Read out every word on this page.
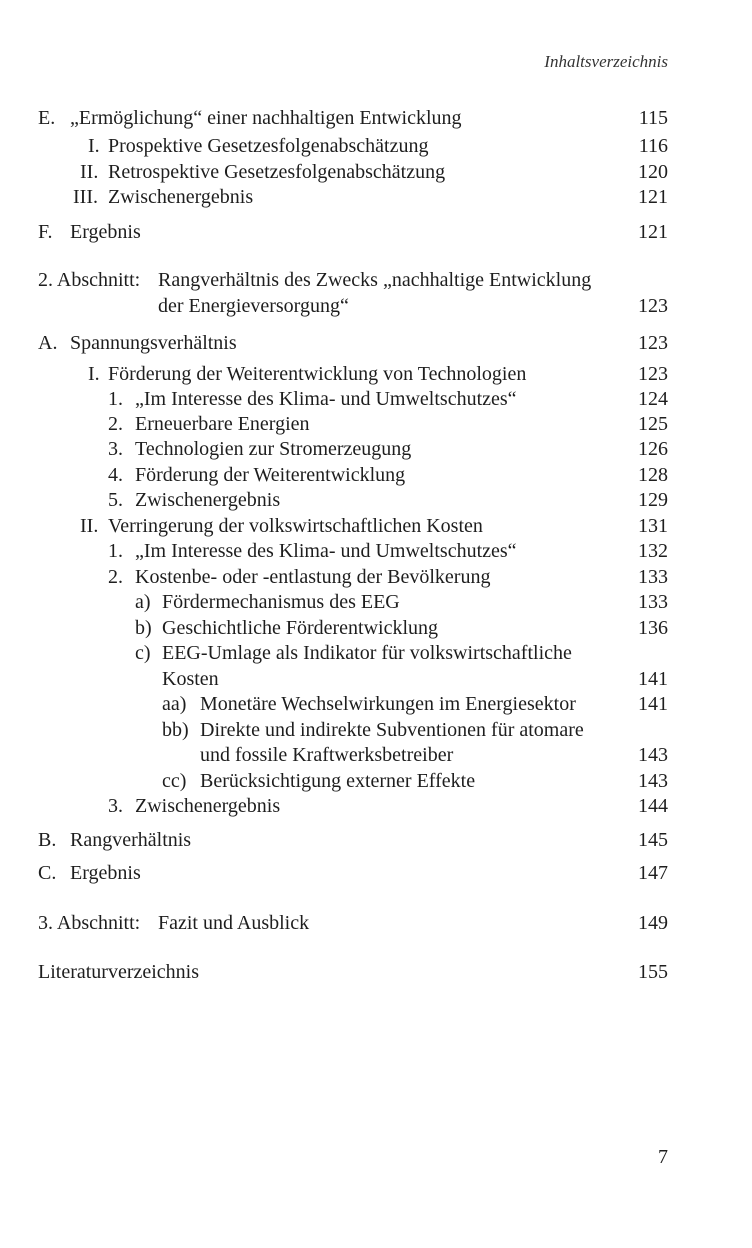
Inhaltsverzeichnis
E. „Ermöglichung“ einer nachhaltigen Entwicklung	115
I. Prospektive Gesetzesfolgenabschätzung	116
II. Retrospektive Gesetzesfolgenabschätzung	120
III. Zwischenergebnis	121
F. Ergebnis	121
2. Abschnitt: Rangverhältnis des Zwecks „nachhaltige Entwicklung
der Energieversorgung“	123
A. Spannungsverhältnis	123
I. Förderung der Weiterentwicklung von Technologien	123
1. „Im Interesse des Klima- und Umweltschutzes“	124
2. Erneuerbare Energien	125
3. Technologien zur Stromerzeugung	126
4. Förderung der Weiterentwicklung	128
5. Zwischenergebnis	129
II. Verringerung der volkswirtschaftlichen Kosten	131
1. „Im Interesse des Klima- und Umweltschutzes“	132
2. Kostenbe- oder -entlastung der Bevölkerung	133
a) Fördermechanismus des EEG	133
b) Geschichtliche Förderentwicklung	136
c) EEG-Umlage als Indikator für volkswirtschaftliche
Kosten	141
aa) Monetäre Wechselwirkungen im Energiesektor	141
bb) Direkte und indirekte Subventionen für atomare
und fossile Kraftwerksbetreiber	143
cc) Berücksichtigung externer Effekte	143
3. Zwischenergebnis	144
B. Rangverhältnis	145
C. Ergebnis	147
3. Abschnitt: Fazit und Ausblick	149
Literaturverzeichnis	155
7
